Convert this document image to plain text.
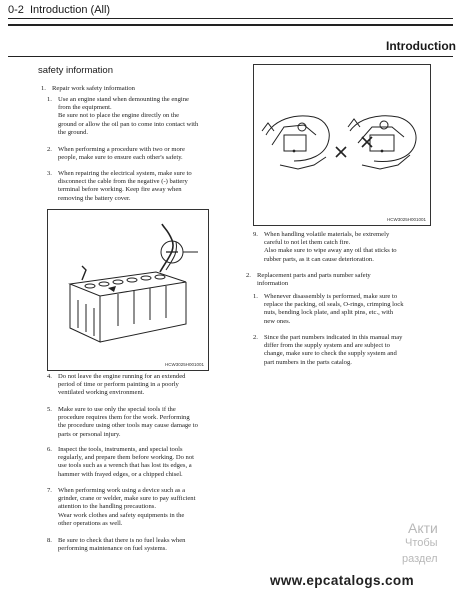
0-2 Introduction (All)
Introduction
safety information
1. Repair work safety information
1. Use an engine stand when demounting the engine
from the equipment.
Be sure not to place the engine directly on the
ground or allow the oil pan to come into contact with
the ground.
2. When performing a procedure with two or more
people, make sure to ensure each other's safety.
3. When repairing the electrical system, make sure to
disconnect the cable from the negative (-) battery
terminal before working. Keep fire away when
removing the battery cover.
4. Do not leave the engine running for an extended
period of time or perform painting in a poorly
ventilated working environment.
5. Make sure to use only the special tools if the
procedure requires them for the work. Performing
the procedure using other tools may cause damage to
parts or personal injury.
6. Inspect the tools, instruments, and special tools
regularly, and prepare them before working. Do not
use tools such as a wrench that has lost its edges, a
hammer with frayed edges, or a chipped chisel.
7. When performing work using a device such as a
grinder, crane or welder, make sure to pay sufficient
attention to the handling precautions.
Wear work clothes and safety equipments in the
other operations as well.
8. Be sure to check that there is no fuel leaks when
performing maintenance on fuel systems.
HCW3025H001001
HCW3025H001001
9. When handling volatile materials, be extremely
careful to not let them catch fire.
Also make sure to wipe away any oil that sticks to
rubber parts, as it can cause deterioration.
2. Replacement parts and parts number safety
information
1. Whenever disassembly is performed, make sure to
replace the packing, oil seals, O-rings, crimping lock
nuts, bending lock plate, and split pins, etc., with
new ones.
2. Since the part numbers indicated in this manual may
differ from the supply system and are subject to
change, make sure to check the supply system and
part numbers in the parts catalog.
Акти
Чтобы
раздел
www.epcatalogs.com
